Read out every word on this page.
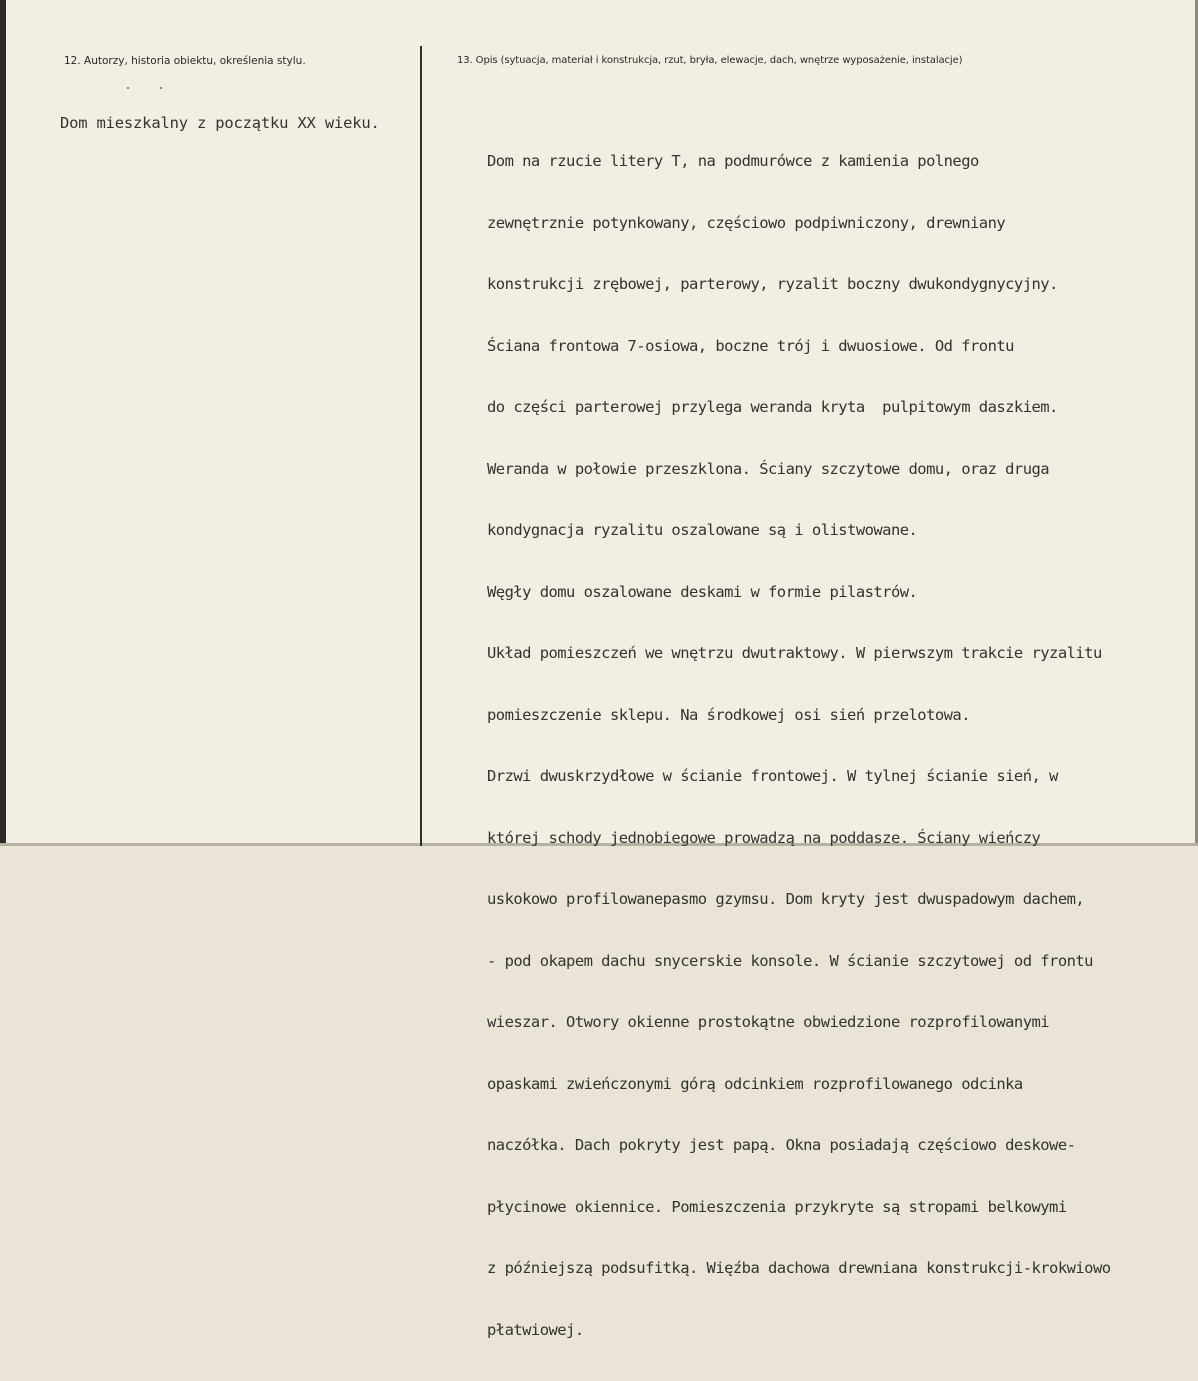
12. Autorzy, historia obiektu, określenia stylu.	13. Opis (sytuacja, materiał i konstrukcja, rzut, bryła, elewacje, dach, wnętrze wyposażenie, instalacje)
Dom mieszkalny z początku XX wieku.

Dom na rzucie litery T, na podmurówce z kamienia polnego

zewnętrznie potynkowany, częściowo podpiwniczony, drewniany

konstrukcji zrębowej, parterowy, ryzalit boczny dwukondygnycyjny.

Ściana frontowa 7-osiowa, boczne trój i dwuosiowe. Od frontu

do części parterowej przylega weranda kryta  pulpitowym daszkiem.

Weranda w połowie przeszklona. Ściany szczytowe domu, oraz druga

kondygnacja ryzalitu oszalowane są i olistwowane.

Węgły domu oszalowane deskami w formie pilastrów.

Układ pomieszczeń we wnętrzu dwutraktowy. W pierwszym trakcie ryzalitu

pomieszczenie sklepu. Na środkowej osi sień przelotowa.

Drzwi dwuskrzydłowe w ścianie frontowej. W tylnej ścianie sień, w

której schody jednobiegowe prowadzą na poddasze. Ściany wieńczy

uskokowo profilowanepasmo gzymsu. Dom kryty jest dwuspadowym dachem,

- pod okapem dachu snycerskie konsole. W ścianie szczytowej od frontu

wieszar. Otwory okienne prostokątne obwiedzione rozprofilowanymi

opaskami zwieńczonymi górą odcinkiem rozprofilowanego odcinka

naczółka. Dach pokryty jest papą. Okna posiadają częściowo deskowe-

płycinowe okiennice. Pomieszczenia przykryte są stropami belkowymi

z późniejszą podsufitką. Więźba dachowa drewniana konstrukcji-krokwiowo

płatwiowej.
